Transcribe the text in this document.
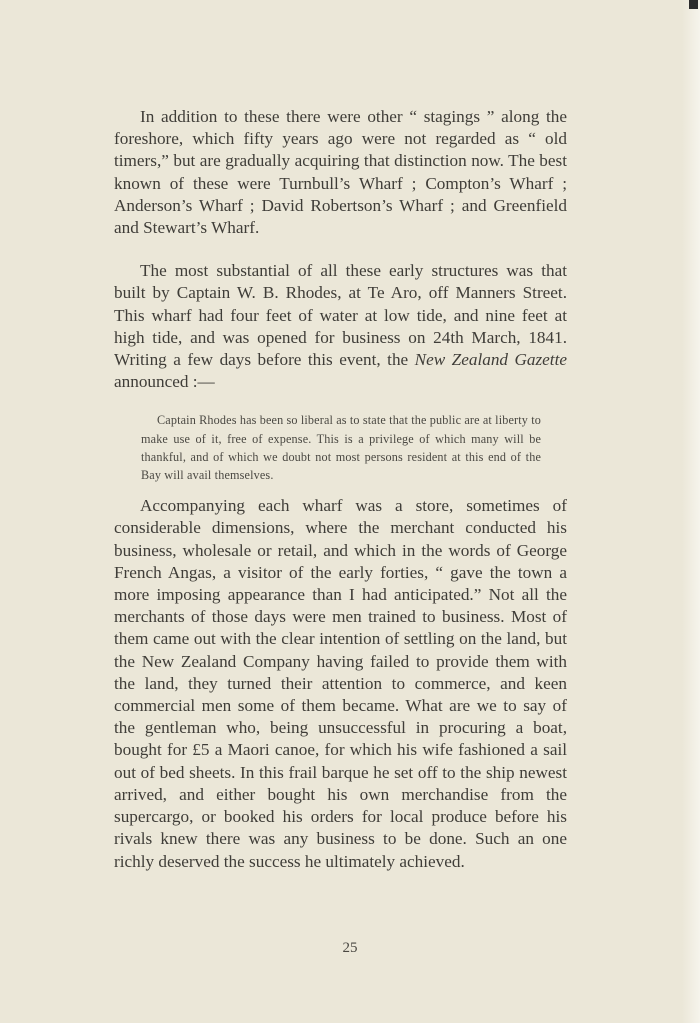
In addition to these there were other “ stagings ” along the foreshore, which fifty years ago were not regarded as “ old timers,” but are gradually acquiring that distinction now. The best known of these were Turnbull’s Wharf ; Compton’s Wharf ; Anderson’s Wharf ; David Robertson’s Wharf ; and Greenfield and Stewart’s Wharf.

The most substantial of all these early structures was that built by Captain W. B. Rhodes, at Te Aro, off Manners Street. This wharf had four feet of water at low tide, and nine feet at high tide, and was opened for business on 24th March, 1841. Writing a few days before this event, the New Zealand Gazette announced :—

Captain Rhodes has been so liberal as to state that the public are at liberty to make use of it, free of expense. This is a privilege of which many will be thankful, and of which we doubt not most persons resident at this end of the Bay will avail themselves.

Accompanying each wharf was a store, sometimes of considerable dimensions, where the merchant conducted his business, wholesale or retail, and which in the words of George French Angas, a visitor of the early forties, “ gave the town a more imposing appearance than I had anticipated.” Not all the merchants of those days were men trained to business. Most of them came out with the clear intention of settling on the land, but the New Zealand Company having failed to provide them with the land, they turned their attention to commerce, and keen commercial men some of them became. What are we to say of the gentleman who, being unsuccessful in procuring a boat, bought for £5 a Maori canoe, for which his wife fashioned a sail out of bed sheets. In this frail barque he set off to the ship newest arrived, and either bought his own merchandise from the supercargo, or booked his orders for local produce before his rivals knew there was any business to be done. Such an one richly deserved the success he ultimately achieved.

25
